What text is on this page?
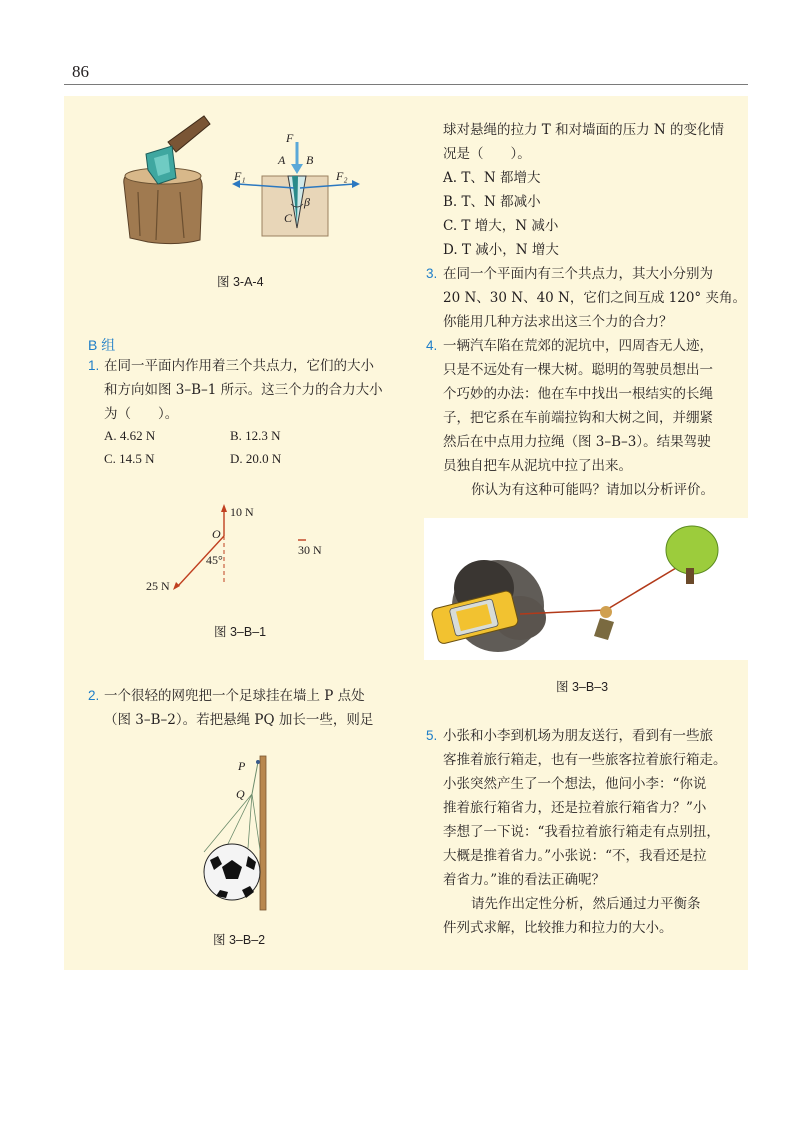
86
F
A B
F₁	F₂
β
C
图 3-A-4
B 组
1. 在同一平面内作用着三个共点力，它们的大小
和方向如图 3–B–1 所示。这三个力的合力大小
为（　　）。
A. 4.62 N	B. 12.3 N
C. 14.5 N	D. 20.0 N
10 N
O
45°
30 N
25 N
图 3–B–1
2. 一个很轻的网兜把一个足球挂在墙上 P 点处
（图 3–B–2）。若把悬绳 PQ 加长一些，则足
P
Q
图 3–B–2
球对悬绳的拉力 T 和对墙面的压力 N 的变化情
况是（　　）。
A. T、N 都增大
B. T、N 都减小
C. T 增大，N 减小
D. T 减小，N 增大
3. 在同一个平面内有三个共点力，其大小分别为
20 N、30 N、40 N，它们之间互成 120° 夹角。
你能用几种方法求出这三个力的合力？
4. 一辆汽车陷在荒郊的泥坑中，四周杳无人迹，
只是不远处有一棵大树。聪明的驾驶员想出一
个巧妙的办法：他在车中找出一根结实的长绳
子，把它系在车前端拉钩和大树之间，并绷紧
然后在中点用力拉绳（图 3–B–3）。结果驾驶
员独自把车从泥坑中拉了出来。
你认为有这种可能吗？请加以分析评价。
图 3–B–3
5. 小张和小李到机场为朋友送行，看到有一些旅
客推着旅行箱走，也有一些旅客拉着旅行箱走。
小张突然产生了一个想法，他问小李：“你说
推着旅行箱省力，还是拉着旅行箱省力？”小
李想了一下说：“我看拉着旅行箱走有点别扭，
大概是推着省力。”小张说：“不，我看还是拉
着省力。”谁的看法正确呢？
请先作出定性分析，然后通过力平衡条
件列式求解，比较推力和拉力的大小。
